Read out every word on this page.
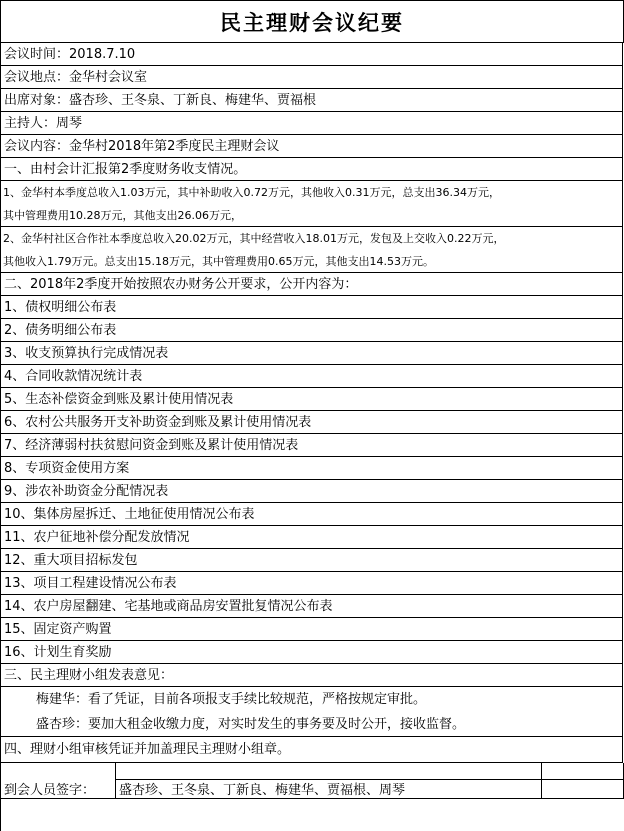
民主理财会议纪要
会议时间：2018.7.10
会议地点：金华村会议室
出席对象：盛杏珍、王冬泉、丁新良、梅建华、贾福根
主持人：周琴
会议内容：金华村2018年第2季度民主理财会议
一、由村会计汇报第2季度财务收支情况。
1、金华村本季度总收入1.03万元，其中补助收入0.72万元，其他收入0.31万元，总支出36.34万元，
其中管理费用10.28万元，其他支出26.06万元，
2、金华村社区合作社本季度总收入20.02万元，其中经营收入18.01万元，发包及上交收入0.22万元，
其他收入1.79万元。总支出15.18万元，其中管理费用0.65万元，其他支出14.53万元。
二、2018年2季度开始按照农办财务公开要求，公开内容为：
1、债权明细公布表
2、债务明细公布表
3、收支预算执行完成情况表
4、合同收款情况统计表
5、生态补偿资金到账及累计使用情况表
6、农村公共服务开支补助资金到账及累计使用情况表
7、经济薄弱村扶贫慰问资金到账及累计使用情况表
8、专项资金使用方案
9、涉农补助资金分配情况表
10、集体房屋拆迁、土地征使用情况公布表
11、农户征地补偿分配发放情况
12、重大项目招标发包
13、项目工程建设情况公布表
14、农户房屋翻建、宅基地或商品房安置批复情况公布表
15、固定资产购置
16、计划生育奖励
三、民主理财小组发表意见：
梅建华：看了凭证，目前各项报支手续比较规范，严格按规定审批。
盛杏珍：要加大租金收缴力度，对实时发生的事务要及时公开，接收监督。
四、理财小组审核凭证并加盖理民主理财小组章。
到会人员签字：	盛杏珍、王冬泉、丁新良、梅建华、贾福根、周琴
